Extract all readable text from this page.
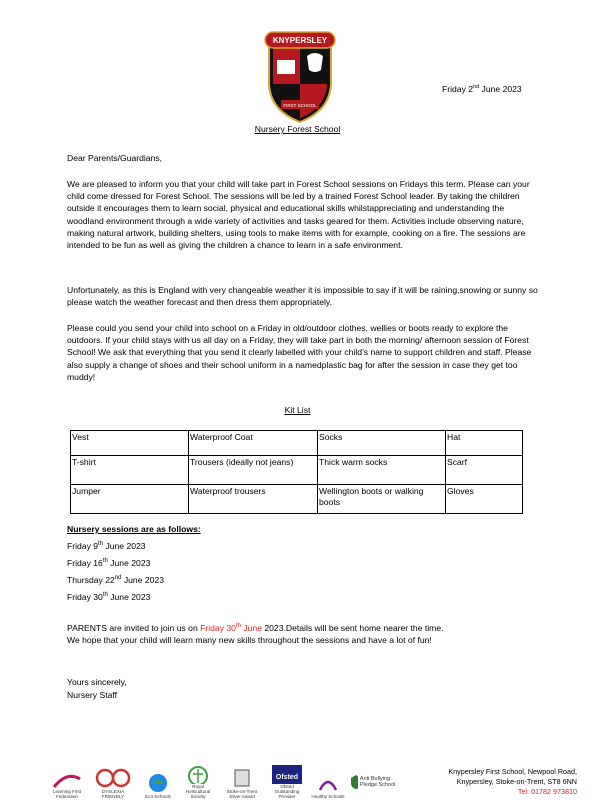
KNYPERSLEY
FIRST SCHOOL
Friday 2nd June 2023
Nursery Forest School
Dear Parents/Guardians,
We are pleased to inform you that your child will take part in Forest School sessions on Fridays this term. Please can your child come dressed for Forest School. The sessions will be led by a trained Forest School leader. By taking the children outside it encourages them to learn social, physical and educational skills whilstappreciating and understanding the woodland environment through a wide variety of activities and tasks geared for them. Activities include observing nature, making natural artwork, building shelters, using tools to make items with for example, cooking on a fire. The sessions are intended to be fun as well as giving the children a chance to learn in a safe environment.
Unfortunately, as this is England with very changeable weather it is impossible to say if it will be raining,snowing or sunny so please watch the weather forecast and then dress them appropriately.
Please could you send your child into school on a Friday in old/outdoor clothes, wellies or boots ready to explore the outdoors. If your child stays with us all day on a Friday, they will take part in both the morning/ afternoon session of Forest School! We ask that everything that you send it clearly labelled with your child’s name to support children and staff. Please also supply a change of shoes and their school uniform in a namedplastic bag for after the session in case they get too muddy!
Kit List
Vest	Waterproof Coat	Socks	Hat
T-shirt	Trousers (ideally not jeans)	Thick warm socks	Scarf
Jumper	Waterproof trousers	Wellington boots or walking boots	Gloves
Nursery sessions are as follows:
Friday 9th June 2023
Friday 16th June 2023
Thursday 22nd June 2023
Friday 30th June 2023
PARENTS are invited to join us on Friday 30th June 2023.Details will be sent home nearer the time.
We hope that your child will learn many new skills throughout the sessions and have a lot of fun!
Yours sincerely,
Nursery Staff
Learning First Federation
DYSLEXIA FRIENDLY	Eco-Schools
Royal Horticultural Society
Stoke-on-Trent Silver Award
Ofsted
Ofsted Outstanding Provider	Healthy Schools
Anti Bullying Pledge School
Knypersley First School, Newpool Road,
Knypersley, Stoke-on-Trent, ST8 6NN
Tel: 01782 973810
